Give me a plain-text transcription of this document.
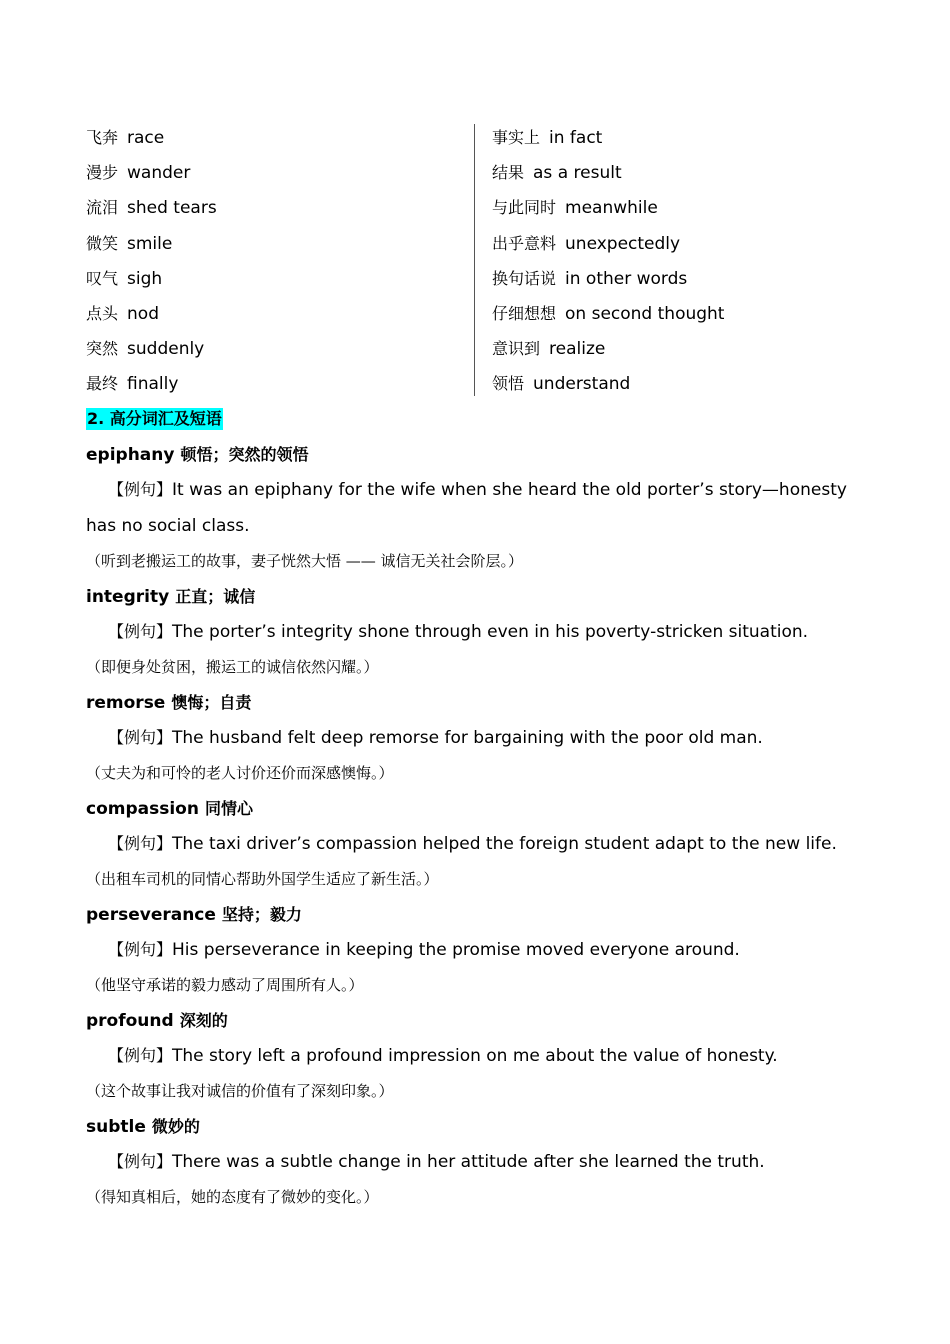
飞奔 race
漫步 wander
流泪 shed tears
微笑 smile
叹气 sigh
点头 nod
突然 suddenly
最终 finally
事实上 in fact
结果 as a result
与此同时 meanwhile
出乎意料 unexpectedly
换句话说 in other words
仔细想想 on second thought
意识到 realize
领悟 understand
2. 高分词汇及短语
epiphany 顿悟；突然的领悟
【例句】It was an epiphany for the wife when she heard the old porter’s story—honesty has no social class.
（听到老搬运工的故事，妻子恍然大悟 —— 诚信无关社会阶层。）
integrity 正直；诚信
【例句】The porter’s integrity shone through even in his poverty-stricken situation.
（即便身处贫困，搬运工的诚信依然闪耀。）
remorse 懊悔；自责
【例句】The husband felt deep remorse for bargaining with the poor old man.
（丈夫为和可怜的老人讨价还价而深感懊悔。）
compassion 同情心
【例句】The taxi driver’s compassion helped the foreign student adapt to the new life.
（出租车司机的同情心帮助外国学生适应了新生活。）
perseverance 坚持；毅力
【例句】His perseverance in keeping the promise moved everyone around.
（他坚守承诺的毅力感动了周围所有人。）
profound 深刻的
【例句】The story left a profound impression on me about the value of honesty.
（这个故事让我对诚信的价值有了深刻印象。）
subtle 微妙的
【例句】There was a subtle change in her attitude after she learned the truth.
（得知真相后，她的态度有了微妙的变化。）
